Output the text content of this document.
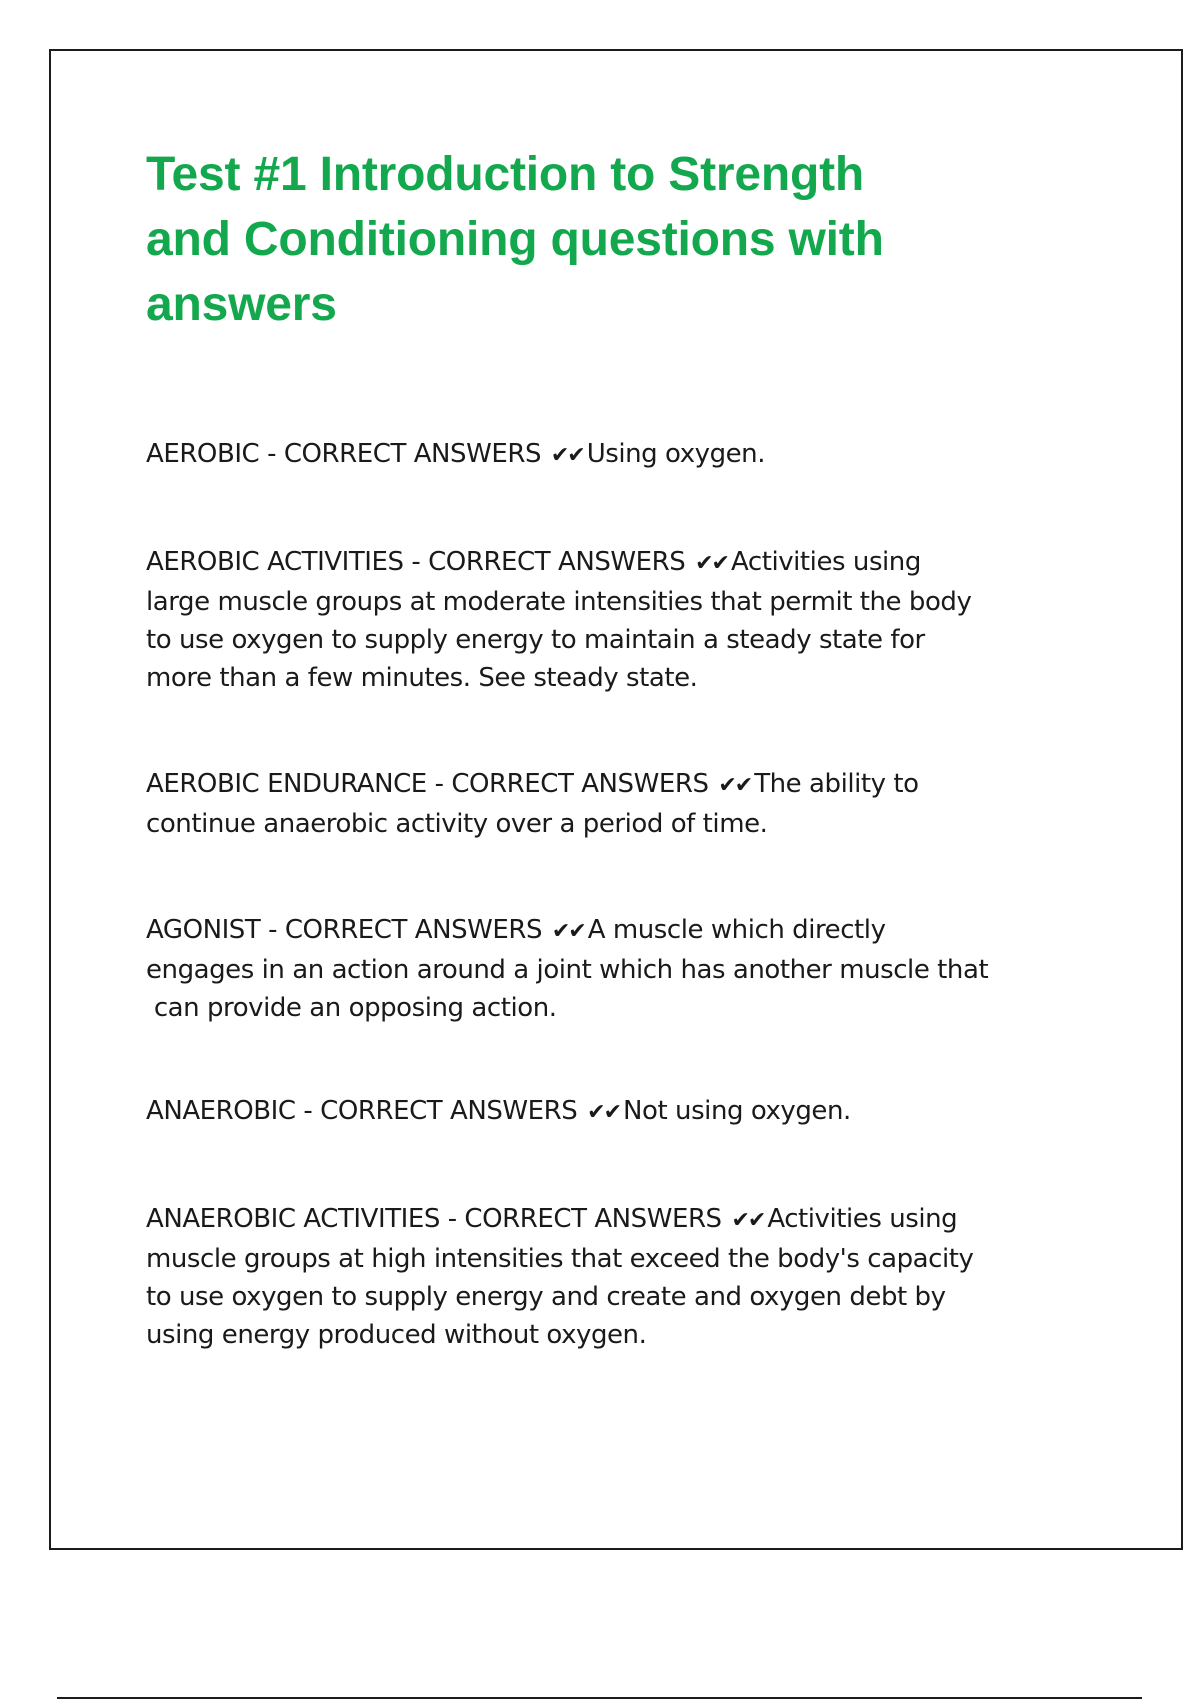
Test #1 Introduction to Strength
and Conditioning questions with
answers

AEROBIC - CORRECT ANSWERS ✔✔ Using oxygen.

AEROBIC ACTIVITIES - CORRECT ANSWERS ✔✔ Activities using
large muscle groups at moderate intensities that permit the body
to use oxygen to supply energy to maintain a steady state for
more than a few minutes. See steady state.

AEROBIC ENDURANCE - CORRECT ANSWERS ✔✔ The ability to
continue anaerobic activity over a period of time.

AGONIST - CORRECT ANSWERS ✔✔ A muscle which directly
engages in an action around a joint which has another muscle that
can provide an opposing action.

ANAEROBIC - CORRECT ANSWERS ✔✔ Not using oxygen.

ANAEROBIC ACTIVITIES - CORRECT ANSWERS ✔✔ Activities using
muscle groups at high intensities that exceed the body's capacity
to use oxygen to supply energy and create and oxygen debt by
using energy produced without oxygen.
